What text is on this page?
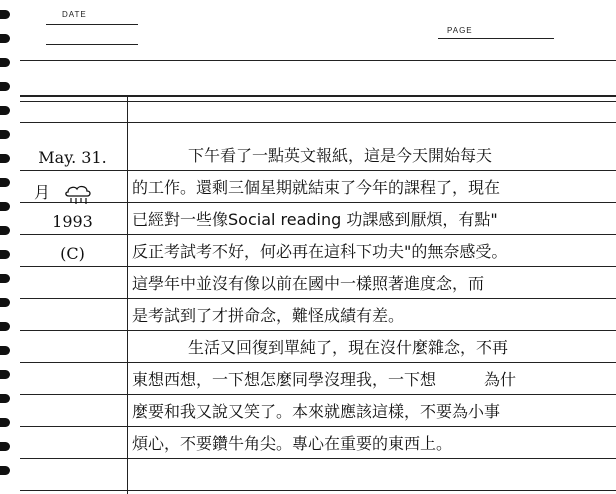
DATE
PAGE
May. 31.
月
1993
(C)
下午看了一點英文報紙，這是今天開始每天
的工作。還剩三個星期就結束了今年的課程了，現在
已經對一些像Social reading 功課感到厭煩，有點"
反正考試考不好，何必再在這科下功夫"的無奈感受。
這學年中並沒有像以前在國中一樣照著進度念，而
是考試到了才拼命念，難怪成績有差。
生活又回復到單純了，現在沒什麼雜念，不再
東想西想，一下想怎麼同學沒理我，一下想　　　為什
麼要和我又說又笑了。本來就應該這樣，不要為小事
煩心，不要鑽牛角尖。專心在重要的東西上。
